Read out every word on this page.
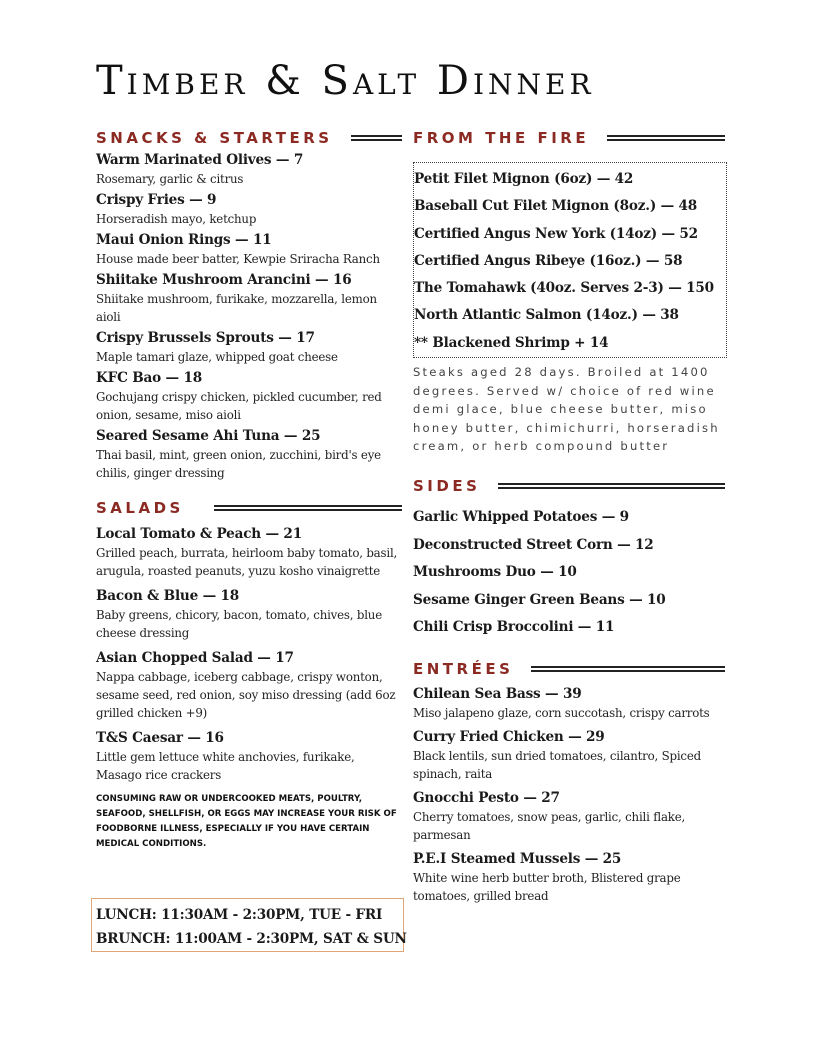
Timber & Salt Dinner
SNACKS & STARTERS
Warm Marinated Olives — 7
Rosemary, garlic & citrus
Crispy Fries — 9
Horseradish mayo, ketchup
Maui Onion Rings — 11
House made beer batter, Kewpie Sriracha Ranch
Shiitake Mushroom Arancini — 16
Shiitake mushroom, furikake, mozzarella, lemon aioli
Crispy Brussels Sprouts — 17
Maple tamari glaze, whipped goat cheese
KFC Bao — 18
Gochujang crispy chicken, pickled cucumber, red onion, sesame, miso aioli
Seared Sesame Ahi Tuna — 25
Thai basil, mint, green onion, zucchini, bird's eye chilis, ginger dressing
SALADS
Local Tomato & Peach — 21
Grilled peach, burrata, heirloom baby tomato, basil, arugula, roasted peanuts, yuzu kosho vinaigrette
Bacon & Blue — 18
Baby greens, chicory, bacon, tomato, chives, blue cheese dressing
Asian Chopped Salad — 17
Nappa cabbage, iceberg cabbage, crispy wonton, sesame seed, red onion, soy miso dressing (add 6oz grilled chicken +9)
T&S Caesar — 16
Little gem lettuce white anchovies, furikake, Masago rice crackers
CONSUMING RAW OR UNDERCOOKED MEATS, POULTRY, SEAFOOD, SHELLFISH, OR EGGS MAY INCREASE YOUR RISK OF FOODBORNE ILLNESS, ESPECIALLY IF YOU HAVE CERTAIN MEDICAL CONDITIONS.
LUNCH: 11:30AM - 2:30PM, TUE - FRI
BRUNCH: 11:00AM - 2:30PM, SAT & SUN
FROM THE FIRE
Petit Filet Mignon (6oz) — 42
Baseball Cut Filet Mignon (8oz.) — 48
Certified Angus New York (14oz) — 52
Certified Angus Ribeye (16oz.) — 58
The Tomahawk (40oz. Serves 2-3) — 150
North Atlantic Salmon (14oz.) — 38
** Blackened Shrimp + 14
Steaks aged 28 days. Broiled at 1400 degrees. Served w/ choice of red wine demi glace, blue cheese butter, miso honey butter, chimichurri, horseradish cream, or herb compound butter
SIDES
Garlic Whipped Potatoes — 9
Deconstructed Street Corn — 12
Mushrooms Duo — 10
Sesame Ginger Green Beans — 10
Chili Crisp Broccolini — 11
ENTRÉES
Chilean Sea Bass — 39
Miso jalapeno glaze, corn succotash, crispy carrots
Curry Fried Chicken — 29
Black lentils, sun dried tomatoes, cilantro, Spiced spinach, raita
Gnocchi Pesto — 27
Cherry tomatoes, snow peas, garlic, chili flake, parmesan
P.E.I Steamed Mussels — 25
White wine herb butter broth, Blistered grape tomatoes, grilled bread
